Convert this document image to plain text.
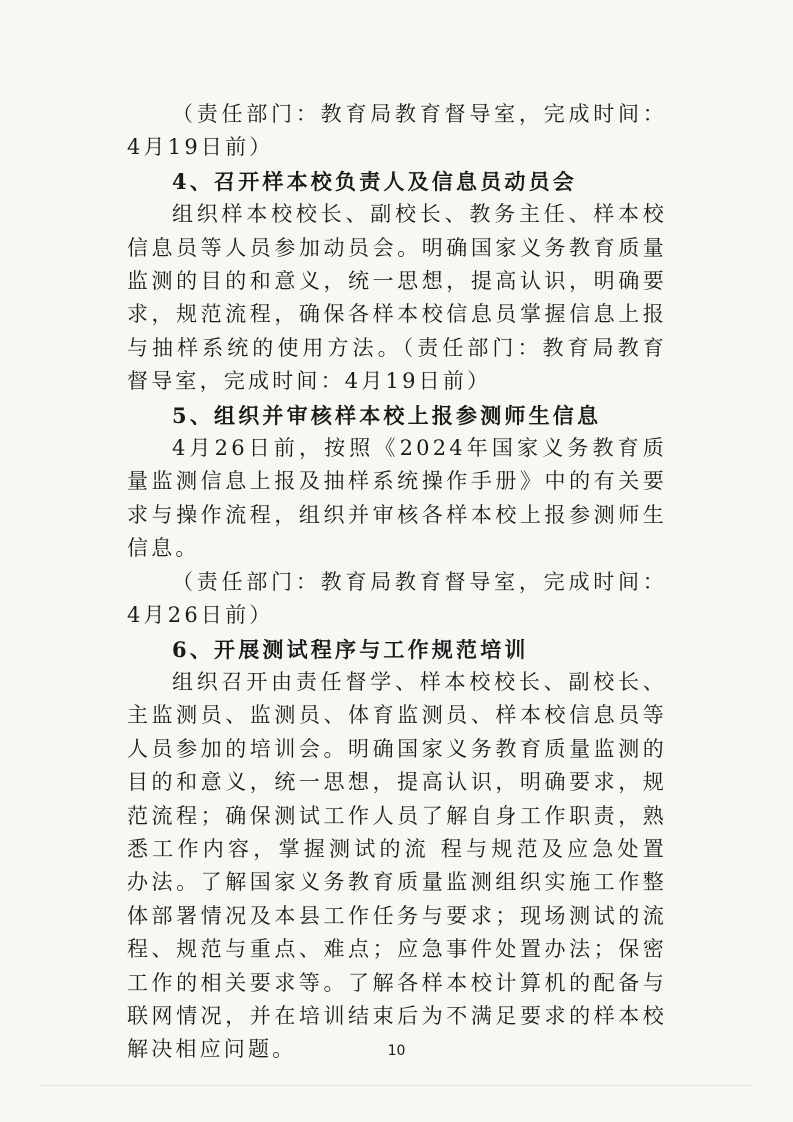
（责任部门：教育局教育督导室，完成时间：4月19日前）

4、召开样本校负责人及信息员动员会

组织样本校校长、副校长、教务主任、样本校信息员等人员参加动员会。明确国家义务教育质量监测的目的和意义，统一思想，提高认识，明确要求，规范流程，确保各样本校信息员掌握信息上报与抽样系统的使用方法。（责任部门：教育局教育督导室，完成时间：4月19日前）

5、组织并审核样本校上报参测师生信息

4月26日前，按照《2024年国家义务教育质量监测信息上报及抽样系统操作手册》中的有关要求与操作流程，组织并审核各样本校上报参测师生信息。

（责任部门：教育局教育督导室，完成时间：4月26日前）

6、开展测试程序与工作规范培训

组织召开由责任督学、样本校校长、副校长、主监测员、监测员、体育监测员、样本校信息员等人员参加的培训会。明确国家义务教育质量监测的目的和意义，统一思想，提高认识，明确要求，规范流程；确保测试工作人员了解自身工作职责，熟悉工作内容，掌握测试的流 程与规范及应急处置办法。了解国家义务教育质量监测组织实施工作整体部署情况及本县工作任务与要求；现场测试的流程、规范与重点、难点；应急事件处置办法；保密工作的相关要求等。了解各样本校计算机的配备与联网情况，并在培训结束后为不满足要求的样本校解决相应问题。	10
